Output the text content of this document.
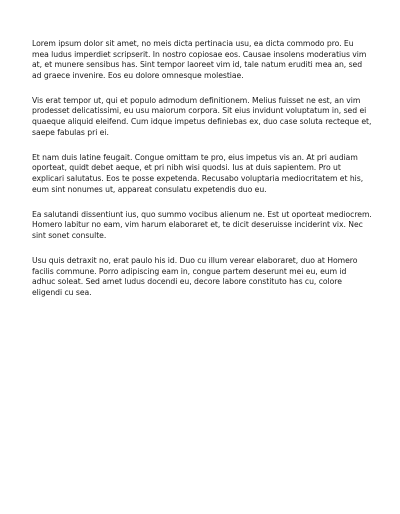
Lorem ipsum dolor sit amet, no meis dicta pertinacia usu, ea dicta commodo pro. Eu mea ludus imperdiet scripserit. In nostro copiosae eos. Causae insolens moderatius vim at, et munere sensibus has. Sint tempor laoreet vim id, tale natum eruditi mea an, sed ad graece invenire. Eos eu dolore omnesque molestiae.

Vis erat tempor ut, qui et populo admodum definitionem. Melius fuisset ne est, an vim prodesset delicatissimi, eu usu maiorum corpora. Sit eius invidunt voluptatum in, sed ei quaeque aliquid eleifend. Cum idque impetus definiebas ex, duo case soluta recteque et, saepe fabulas pri ei.

Et nam duis latine feugait. Congue omittam te pro, eius impetus vis an. At pri audiam oporteat, quidt debet aeque, et pri nibh wisi quodsi. Ius at duis sapientem. Pro ut explicari salutatus. Eos te posse expetenda. Recusabo voluptaria mediocritatem et his, eum sint nonumes ut, appareat consulatu expetendis duo eu.

Ea salutandi dissentiunt ius, quo summo vocibus alienum ne. Est ut oporteat mediocrem. Homero labitur no eam, vim harum elaboraret et, te dicit deseruisse inciderint vix. Nec sint sonet consulte.

Usu quis detraxit no, erat paulo his id. Duo cu illum verear elaboraret, duo at Homero facilis commune. Porro adipiscing eam in, congue partem deserunt mei eu, eum id adhuc soleat. Sed amet ludus docendi eu, decore labore constituto has cu, colore eligendi cu sea.
